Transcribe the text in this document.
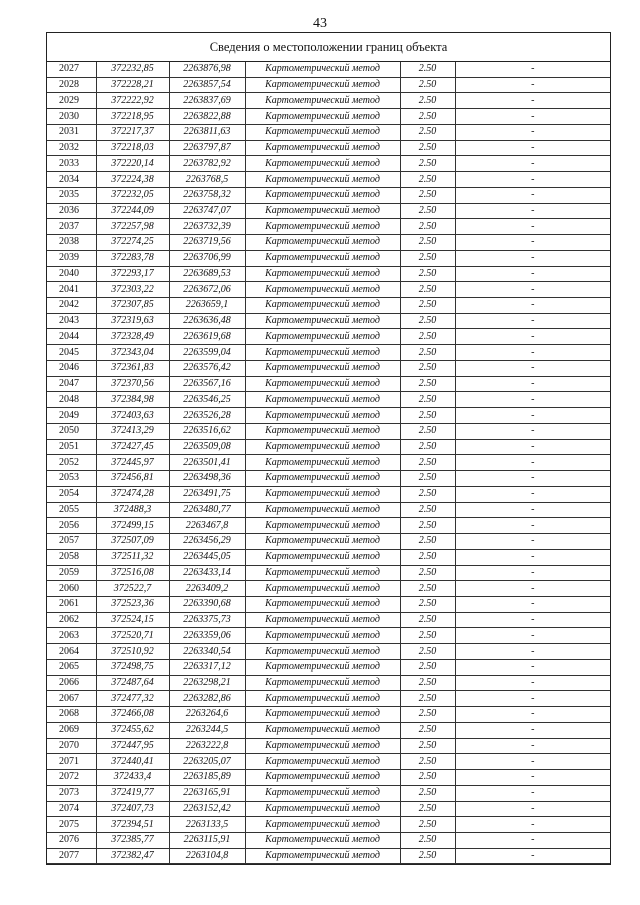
43
Сведения о местоположении границ объекта
2027	372232,85	2263876,98	Картометрический метод	2.50	-
2028	372228,21	2263857,54	Картометрический метод	2.50	-
2029	372222,92	2263837,69	Картометрический метод	2.50	-
2030	372218,95	2263822,88	Картометрический метод	2.50	-
2031	372217,37	2263811,63	Картометрический метод	2.50	-
2032	372218,03	2263797,87	Картометрический метод	2.50	-
2033	372220,14	2263782,92	Картометрический метод	2.50	-
2034	372224,38	2263768,5	Картометрический метод	2.50	-
2035	372232,05	2263758,32	Картометрический метод	2.50	-
2036	372244,09	2263747,07	Картометрический метод	2.50	-
2037	372257,98	2263732,39	Картометрический метод	2.50	-
2038	372274,25	2263719,56	Картометрический метод	2.50	-
2039	372283,78	2263706,99	Картометрический метод	2.50	-
2040	372293,17	2263689,53	Картометрический метод	2.50	-
2041	372303,22	2263672,06	Картометрический метод	2.50	-
2042	372307,85	2263659,1	Картометрический метод	2.50	-
2043	372319,63	2263636,48	Картометрический метод	2.50	-
2044	372328,49	2263619,68	Картометрический метод	2.50	-
2045	372343,04	2263599,04	Картометрический метод	2.50	-
2046	372361,83	2263576,42	Картометрический метод	2.50	-
2047	372370,56	2263567,16	Картометрический метод	2.50	-
2048	372384,98	2263546,25	Картометрический метод	2.50	-
2049	372403,63	2263526,28	Картометрический метод	2.50	-
2050	372413,29	2263516,62	Картометрический метод	2.50	-
2051	372427,45	2263509,08	Картометрический метод	2.50	-
2052	372445,97	2263501,41	Картометрический метод	2.50	-
2053	372456,81	2263498,36	Картометрический метод	2.50	-
2054	372474,28	2263491,75	Картометрический метод	2.50	-
2055	372488,3	2263480,77	Картометрический метод	2.50	-
2056	372499,15	2263467,8	Картометрический метод	2.50	-
2057	372507,09	2263456,29	Картометрический метод	2.50	-
2058	372511,32	2263445,05	Картометрический метод	2.50	-
2059	372516,08	2263433,14	Картометрический метод	2.50	-
2060	372522,7	2263409,2	Картометрический метод	2.50	-
2061	372523,36	2263390,68	Картометрический метод	2.50	-
2062	372524,15	2263375,73	Картометрический метод	2.50	-
2063	372520,71	2263359,06	Картометрический метод	2.50	-
2064	372510,92	2263340,54	Картометрический метод	2.50	-
2065	372498,75	2263317,12	Картометрический метод	2.50	-
2066	372487,64	2263298,21	Картометрический метод	2.50	-
2067	372477,32	2263282,86	Картометрический метод	2.50	-
2068	372466,08	2263264,6	Картометрический метод	2.50	-
2069	372455,62	2263244,5	Картометрический метод	2.50	-
2070	372447,95	2263222,8	Картометрический метод	2.50	-
2071	372440,41	2263205,07	Картометрический метод	2.50	-
2072	372433,4	2263185,89	Картометрический метод	2.50	-
2073	372419,77	2263165,91	Картометрический метод	2.50	-
2074	372407,73	2263152,42	Картометрический метод	2.50	-
2075	372394,51	2263133,5	Картометрический метод	2.50	-
2076	372385,77	2263115,91	Картометрический метод	2.50	-
2077	372382,47	2263104,8	Картометрический метод	2.50	-
